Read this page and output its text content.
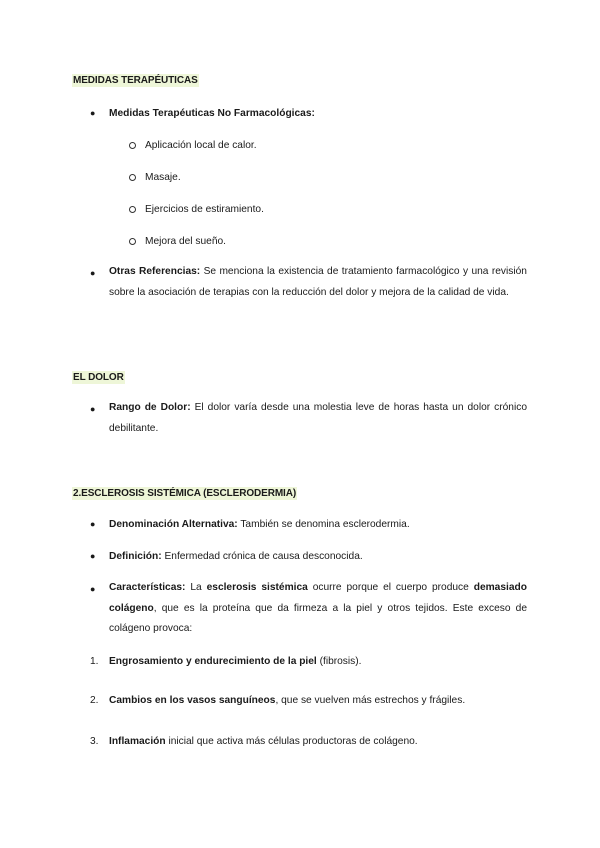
MEDIDAS TERAPÉUTICAS
● Medidas Terapéuticas No Farmacológicas:
Aplicación local de calor.
Masaje.
Ejercicios de estiramiento.
Mejora del sueño.
● Otras Referencias: Se menciona la existencia de tratamiento farmacológico y una revisión sobre la asociación de terapias con la reducción del dolor y mejora de la calidad de vida.
EL DOLOR
● Rango de Dolor: El dolor varía desde una molestia leve de horas hasta un dolor crónico debilitante.
2.ESCLEROSIS SISTÉMICA (ESCLERODERMIA)
● Denominación Alternativa: También se denomina esclerodermia.
● Definición: Enfermedad crónica de causa desconocida.
● Características: La esclerosis sistémica ocurre porque el cuerpo produce demasiado colágeno, que es la proteína que da firmeza a la piel y otros tejidos. Este exceso de colágeno provoca:
1. Engrosamiento y endurecimiento de la piel (fibrosis).
2. Cambios en los vasos sanguíneos, que se vuelven más estrechos y frágiles.
3. Inflamación inicial que activa más células productoras de colágeno.
